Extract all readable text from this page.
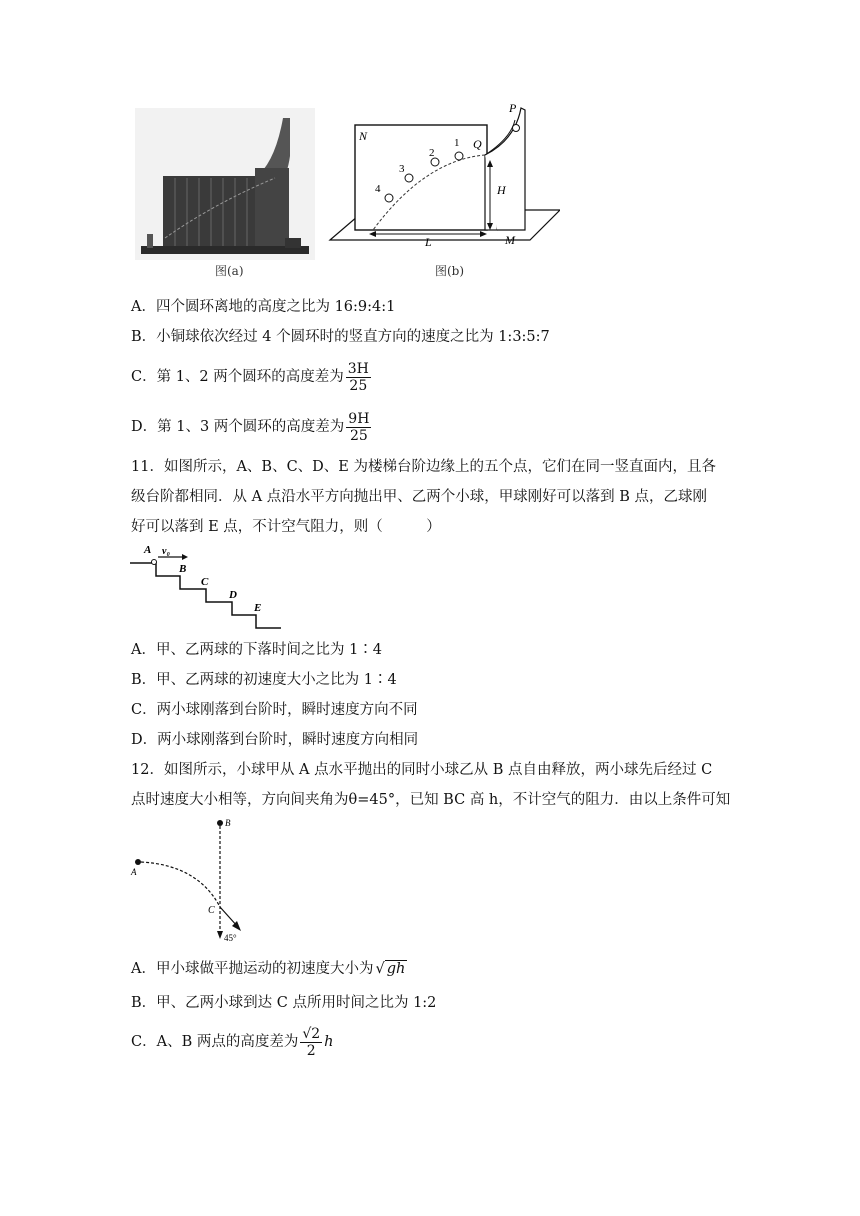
图(a)
N
P
Q
H
L	M
1
2
3
4
图(b)
A．四个圆环离地的高度之比为 16:9:4:1
B．小铜球依次经过 4 个圆环时的竖直方向的速度之比为 1:3:5:7
C．第 1、2 两个圆环的高度差为 $\frac{3H}{25}$
D．第 1、3 两个圆环的高度差为 $\frac{9H}{25}$
11．如图所示，A、B、C、D、E 为楼梯台阶边缘上的五个点，它们在同一竖直面内，且各
级台阶都相同．从 A 点沿水平方向抛出甲、乙两个小球，甲球刚好可以落到 B 点，乙球刚
好可以落到 E 点，不计空气阻力，则（　　　）
A v₀
B
C
D
E
A．甲、乙两球的下落时间之比为 1∶4
B．甲、乙两球的初速度大小之比为 1∶4
C．两小球刚落到台阶时，瞬时速度方向不同
D．两小球刚落到台阶时，瞬时速度方向相同
12．如图所示，小球甲从 A 点水平抛出的同时小球乙从 B 点自由释放，两小球先后经过 C
点时速度大小相等，方向间夹角为θ=45°，已知 BC 高 h，不计空气的阻力．由以上条件可知
B
A
C
45°
A．甲小球做平抛运动的初速度大小为 √ gh
B．甲、乙两小球到达 C 点所用时间之比为 1:2
C．A、B 两点的高度差为 $\frac{√2}{2}$ h
